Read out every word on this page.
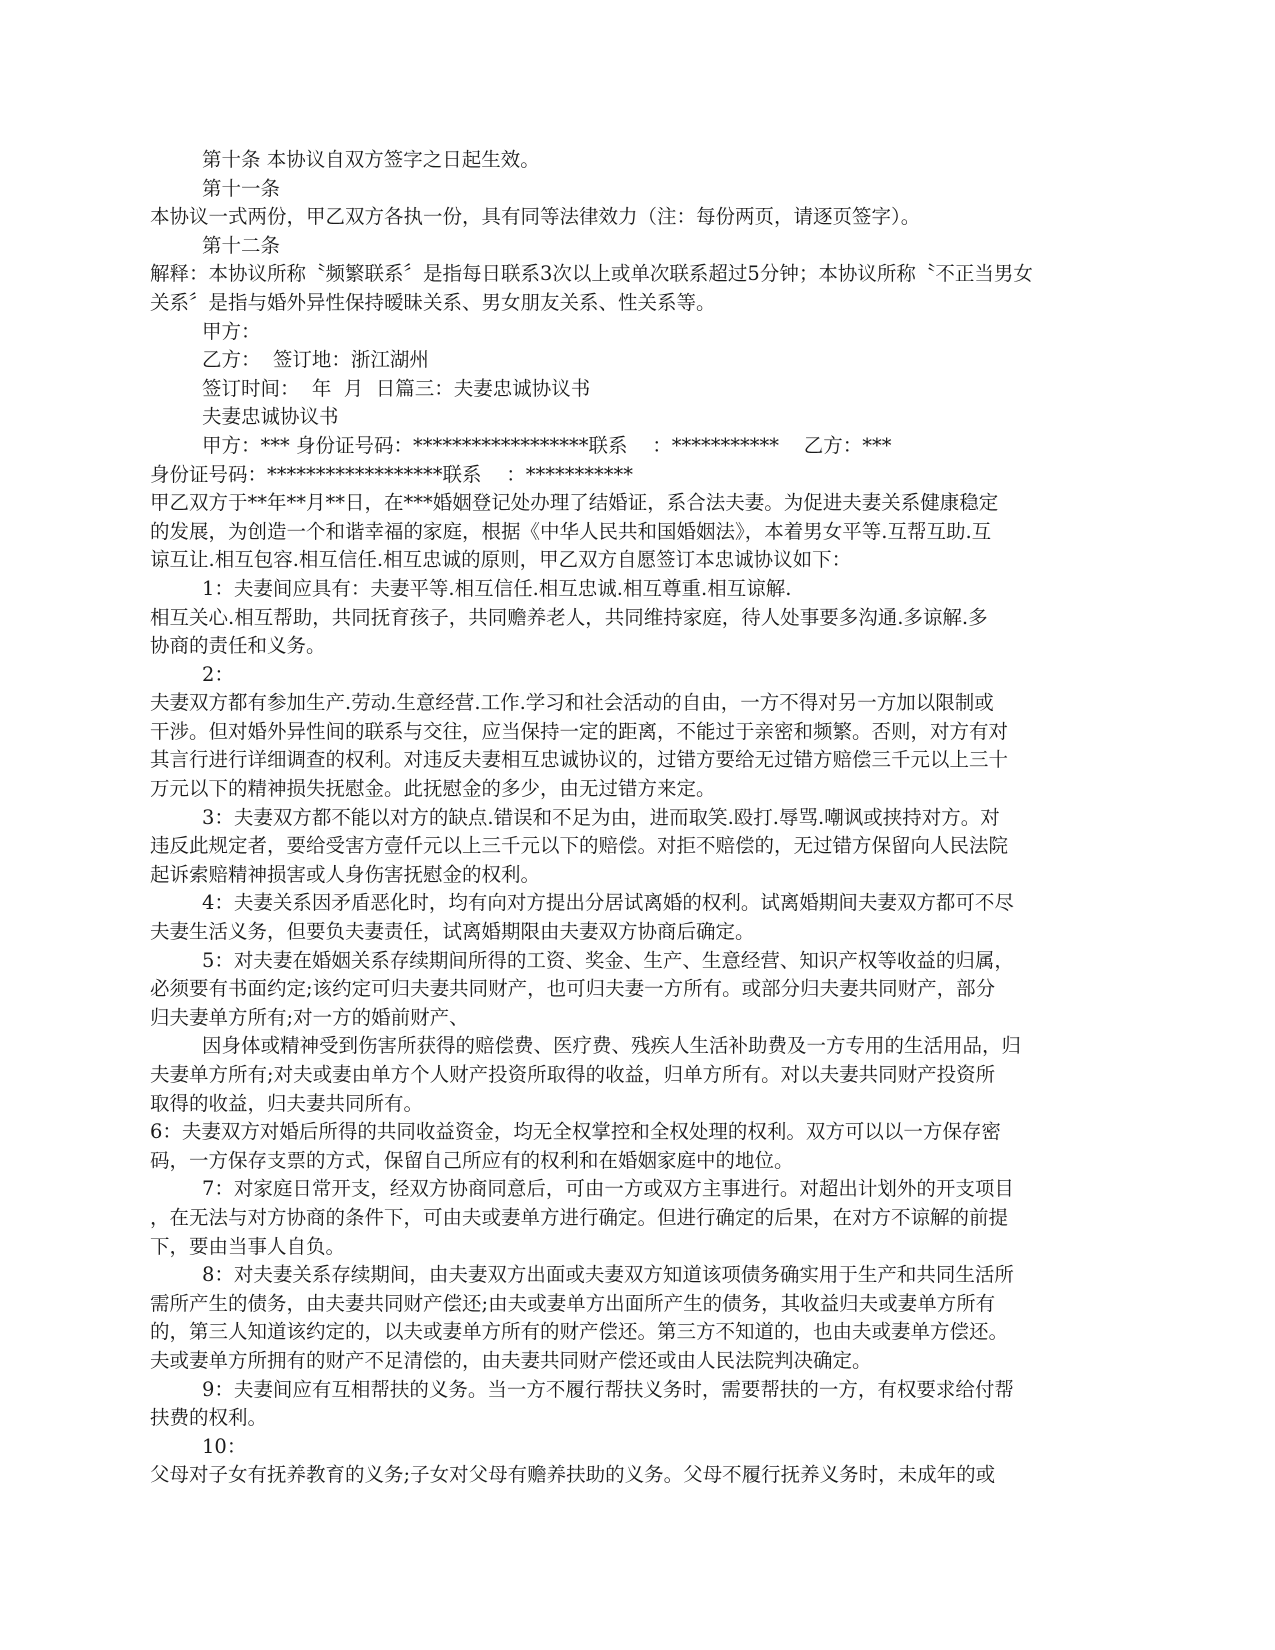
第十条 本协议自双方签字之日起生效。

第十一条

本协议一式两份，甲乙双方各执一份，具有同等法律效力（注：每份两页，请逐页签字）。

第十二条

解释：本协议所称〝频繁联系〞是指每日联系3次以上或单次联系超过5分钟；本协议所称〝不正当男女

关系〞是指与婚外异性保持暧昧关系、男女朋友关系、性关系等。

甲方：

乙方：  签订地：浙江湖州

签订时间：  年  月  日篇三：夫妻忠诚协议书

夫妻忠诚协议书

甲方：*** 身份证号码：******************联系    ：***********    乙方：***

身份证号码：******************联系    ：***********

甲乙双方于**年**月**日，在***婚姻登记处办理了结婚证，系合法夫妻。为促进夫妻关系健康稳定

的发展，为创造一个和谐幸福的家庭，根据《中华人民共和国婚姻法》，本着男女平等.互帮互助.互

谅互让.相互包容.相互信任.相互忠诚的原则，甲乙双方自愿签订本忠诚协议如下：

1：夫妻间应具有：夫妻平等.相互信任.相互忠诚.相互尊重.相互谅解.

相互关心.相互帮助，共同抚育孩子，共同赡养老人，共同维持家庭，待人处事要多沟通.多谅解.多

协商的责任和义务。

2：

夫妻双方都有参加生产.劳动.生意经营.工作.学习和社会活动的自由，一方不得对另一方加以限制或

干涉。但对婚外异性间的联系与交往，应当保持一定的距离，不能过于亲密和频繁。否则，对方有对

其言行进行详细调查的权利。对违反夫妻相互忠诚协议的，过错方要给无过错方赔偿三千元以上三十

万元以下的精神损失抚慰金。此抚慰金的多少，由无过错方来定。

3：夫妻双方都不能以对方的缺点.错误和不足为由，进而取笑.殴打.辱骂.嘲讽或挟持对方。对

违反此规定者，要给受害方壹仟元以上三千元以下的赔偿。对拒不赔偿的，无过错方保留向人民法院

起诉索赔精神损害或人身伤害抚慰金的权利。

4：夫妻关系因矛盾恶化时，均有向对方提出分居试离婚的权利。试离婚期间夫妻双方都可不尽

夫妻生活义务，但要负夫妻责任，试离婚期限由夫妻双方协商后确定。

5：对夫妻在婚姻关系存续期间所得的工资、奖金、生产、生意经营、知识产权等收益的归属，

必须要有书面约定;该约定可归夫妻共同财产，也可归夫妻一方所有。或部分归夫妻共同财产，部分

归夫妻单方所有;对一方的婚前财产、

因身体或精神受到伤害所获得的赔偿费、医疗费、残疾人生活补助费及一方专用的生活用品，归

夫妻单方所有;对夫或妻由单方个人财产投资所取得的收益，归单方所有。对以夫妻共同财产投资所

取得的收益，归夫妻共同所有。

6：夫妻双方对婚后所得的共同收益资金，均无全权掌控和全权处理的权利。双方可以以一方保存密

码，一方保存支票的方式，保留自己所应有的权利和在婚姻家庭中的地位。

7：对家庭日常开支，经双方协商同意后，可由一方或双方主事进行。对超出计划外的开支项目

，在无法与对方协商的条件下，可由夫或妻单方进行确定。但进行确定的后果，在对方不谅解的前提

下，要由当事人自负。

8：对夫妻关系存续期间，由夫妻双方出面或夫妻双方知道该项债务确实用于生产和共同生活所

需所产生的债务，由夫妻共同财产偿还;由夫或妻单方出面所产生的债务，其收益归夫或妻单方所有

的，第三人知道该约定的，以夫或妻单方所有的财产偿还。第三方不知道的，也由夫或妻单方偿还。

夫或妻单方所拥有的财产不足清偿的，由夫妻共同财产偿还或由人民法院判决确定。

9：夫妻间应有互相帮扶的义务。当一方不履行帮扶义务时，需要帮扶的一方，有权要求给付帮

扶费的权利。

10：

父母对子女有抚养教育的义务;子女对父母有赡养扶助的义务。父母不履行抚养义务时，未成年的或
